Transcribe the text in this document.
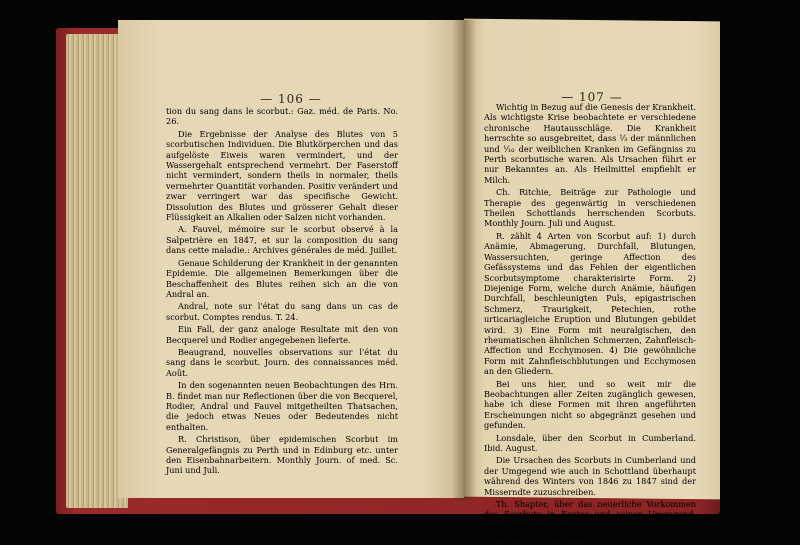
— 106 —

tion du sang dans le scorbut.: Gaz. méd. de Paris. No. 26.

Die Ergebnisse der Analyse des Blutes von 5 scorbutischen Individuen. Die Blutkörperchen und das aufgelöste Eiweis waren vermindert, und der Wassergehalt entsprechend vermehrt. Der Faserstoff nicht vermindert, sondern theils in normaler, theils vermehrter Quantität vorhanden. Positiv verändert und zwar verringert war das specifische Gewicht. Dissolution des Blutes und grösserer Gehalt dieser Flüssigkeit an Alkalien oder Salzen nicht vorhanden.

A. Fauvel, mémoire sur le scorbut observé à la Salpetrière en 1847, et sur la composition du sang dans cette maladie.: Archives générales de méd. Juillet.

Genaue Schilderung der Krankheit in der genannten Epidemie. Die allgemeinen Bemerkungen über die Beschaffenheit des Blutes reihen sich an die von Andral an.

Andral, note sur l'état du sang dans un cas de scorbut. Comptes rendus. T. 24.

Ein Fall, der ganz analoge Resultate mit den von Becquerel und Rodier angegebenen lieferte.

Beaugrand, nouvelles observations sur l'état du sang dans le scorbut. Journ. des connaissances méd. Août.

In den sogenannten neuen Beobachtungen des Hrn. B. findet man nur Reflectionen über die von Becquerel, Rodier, Andral und Fauvel mitgetheilten Thatsachen, die jedoch etwas Neues oder Bedeutendes nicht enthalten.

R. Christison, über epidemischen Scorbut im Generalgefängnis zu Perth und in Edinburg etc. unter den Eisenbahnarbeitern. Monthly Journ. of med. Sc. Juni und Juli.

— 107 —

Wichtig in Bezug auf die Genesis der Krankheit. Als wichtigste Krise beobachtete er verschiedene chronische Hautausschläge. Die Krankheit herrschte so ausgebreitet, dass ⅓ der männlichen und ⅒ der weiblichen Kranken im Gefängniss zu Perth scorbutische waren. Als Ursachen führt er nur Bekanntes an. Als Heilmittel empfiehlt er Milch.

Ch. Ritchie, Beiträge zur Pathologie und Therapie des gegenwärtig in verschiedenen Theilen Schottlands herrschenden Scorbuts. Monthly Journ. Juli und August.

R. zählt 4 Arten von Scorbut auf: 1) durch Anämie, Abmagerung, Durchfall, Blutungen, Wassersuchten, geringe Affection des Gefässystems und das Fehlen der eigentlichen Scorbutsymptome charakterisirte Form. 2) Diejenige Form, welche durch Anämie, häufigen Durchfall, beschleunigten Puls, epigastrischen Schmerz, Traurigkeit, Petechien, rothe urticariagleiche Eruption und Blutungen gebildet wird. 3) Eine Form mit neuralgischen, den rheumatischen ähnlichen Schmerzen, Zahnfleisch-Affection und Ecchymosen. 4) Die gewöhnliche Form mit Zahnfleischblutungen und Ecchymosen an den Gliedern.

Bei uns hier, und so weit mir die Beobachtungen aller Zeiten zugänglich gewesen, habe ich diese Formen mit ihren angeführten Erscheinungen nicht so abgegränzt gesehen und gefunden.

Lonsdale, über den Scorbut in Cumberland. Ibid. August.

Die Ursachen des Scorbuts in Cumberland und der Umgegend wie auch in Schottland überhaupt während des Winters von 1846 zu 1847 sind der Misserndte zuzuschreiben.

Th. Shapter, über das neuerliche Vorkommen des Scorbuts in Exeter und seiner Umgegend. Lond. med. Gaz. Mai.

Enthält nur Bekanntes.
